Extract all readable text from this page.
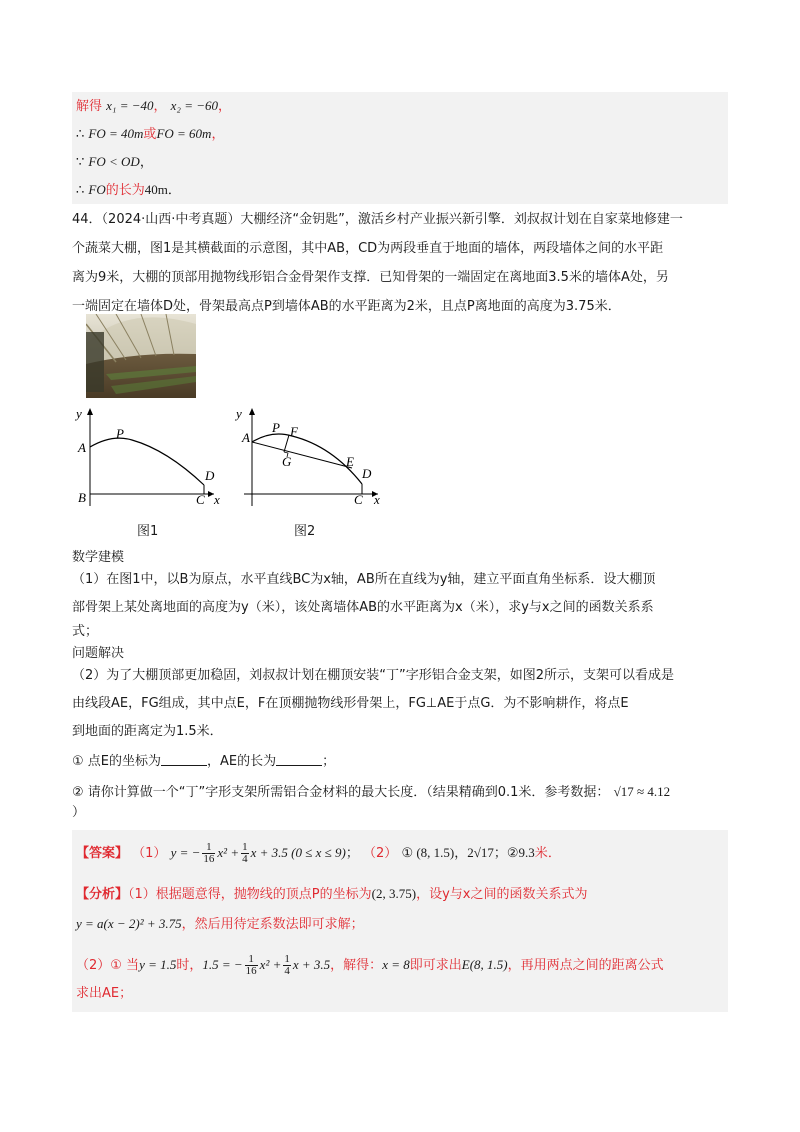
解得 x₁ = −40， x₂ = −60，
∴ FO = 40m或FO = 60m，
∵ FO < OD，
∴ FO的长为40m．
44．（2024·山西·中考真题）大棚经济“金钥匙”，激活乡村产业振兴新引擎．刘叔叔计划在自家菜地修建一
个蔬菜大棚，图1是其横截面的示意图，其中AB，CD为两段垂直于地面的墙体，两段墙体之间的水平距
离为9米，大棚的顶部用抛物线形铝合金骨架作支撑．已知骨架的一端固定在离地面3.5米的墙体A处，另
一端固定在墙体D处，骨架最高点P到墙体AB的水平距离为2米，且点P离地面的高度为3.75米．
y
x
A
P
B	C
D
图1
y
x
A
P F
G	E
C
D
图2
数学建模
（1）在图1中，以B为原点，水平直线BC为x轴，AB所在直线为y轴，建立平面直角坐标系．设大棚顶
部骨架上某处离地面的高度为y（米），该处离墙体AB的水平距离为x（米），求y与x之间的函数关系系
式；
问题解决
（2）为了大棚顶部更加稳固，刘叔叔计划在棚顶安装“丁”字形铝合金支架，如图2所示，支架可以看成是
由线段AE，FG组成，其中点E，F在顶棚抛物线形骨架上，FG⊥AE于点G．为不影响耕作，将点E
到地面的距离定为1.5米．
① 点E的坐标为	，AE的长为	；
② 请你计算做一个“丁”字形支架所需铝合金材料的最大长度．（结果精确到0.1米．参考数据： √17 ≈ 4.12
）
【答案】 （1） y = − $\frac{1}{16} x^2 + \frac{1}{4}$ x + 3.5 (0 ≤ x ≤ 9)； （2） ① (8, 1.5)，2√17；②9.3米．
【分析】（1）根据题意得，抛物线的顶点P的坐标为(2, 3.75)，设y与x之间的函数关系式为
y = a(x − 2)² + 3.75，然后用待定系数法即可求解；
（2）① 当y = 1.5时，1.5 = − $\frac{1}{16} x^2 + \frac{1}{4}$ x + 3.5，解得：x = 8即可求出E(8, 1.5)，再用两点之间的距离公式
求出AE；
